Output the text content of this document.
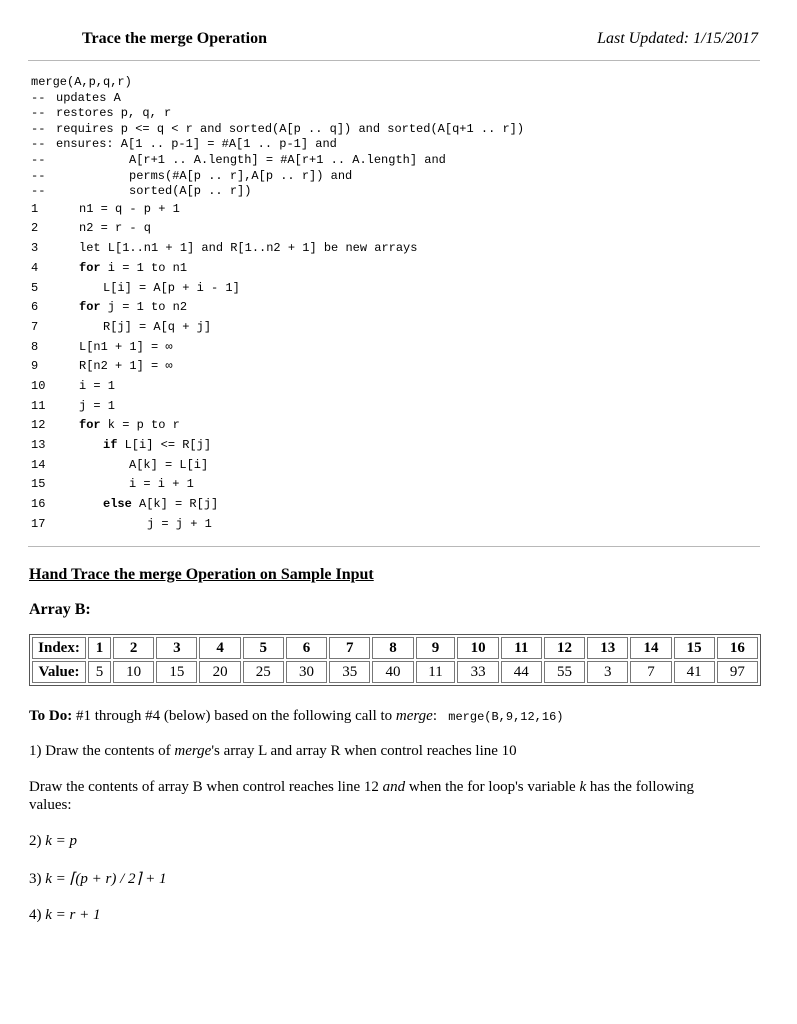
Trace the merge Operation	Last Updated: 1/15/2017
merge(A,p,q,r)
-- updates A
-- restores p, q, r
-- requires p <= q < r and sorted(A[p .. q]) and sorted(A[q+1 .. r])
-- ensures: A[1 .. p-1] = #A[1 .. p-1] and
--	A[r+1 .. A.length] = #A[r+1 .. A.length] and
--	perms(#A[p .. r],A[p .. r]) and
--	sorted(A[p .. r])
1	n1 = q - p + 1
2	n2 = r - q
3	let L[1..n1 + 1] and R[1..n2 + 1] be new arrays
4	for i = 1 to n1
5	L[i] = A[p + i - 1]
6	for j = 1 to n2
7	R[j] = A[q + j]
8	L[n1 + 1] = ∞
9	R[n2 + 1] = ∞
10	i = 1
11	j = 1
12	for k = p to r
13	if L[i] <= R[j]
14	A[k] = L[i]
15	i = i + 1
16	else A[k] = R[j]
17	j = j + 1
Hand Trace the merge Operation on Sample Input
Array B:
Index:	1	2	3	4	5	6	7	8	9	10	11	12	13	14	15	16
Value:	5	10	15	20	25	30	35	40	11	33	44	55	3	7	41	97
To Do: #1 through #4 (below) based on the following call to merge: merge(B,9,12,16)
1) Draw the contents of merge's array L and array R when control reaches line 10
Draw the contents of array B when control reaches line 12 and when the for loop's variable k has the following values:
2) k = p
3) k = ⌈(p + r) / 2⌉ + 1
4) k = r + 1
